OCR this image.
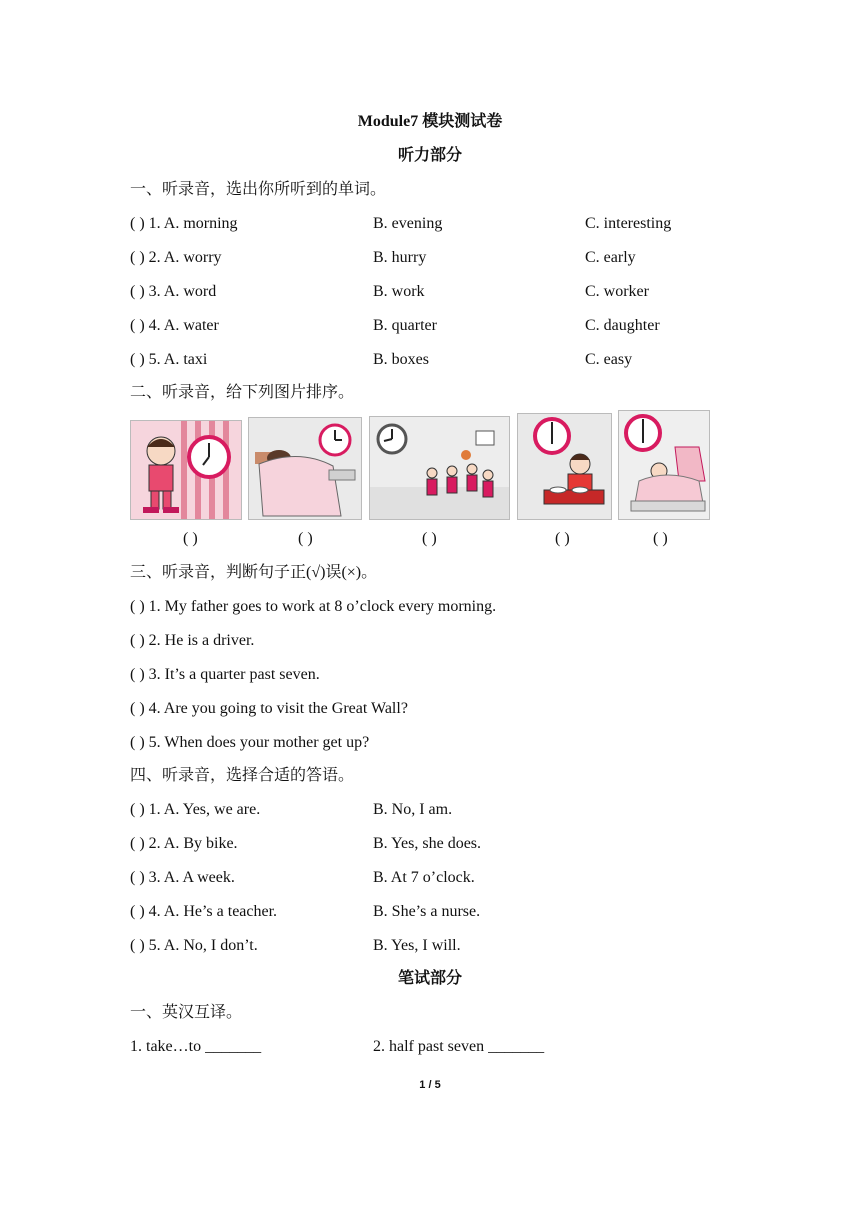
Module7 模块测试卷
听力部分
一、听录音，选出你所听到的单词。
( ) 1. A. morning	B. evening	C. interesting
( ) 2. A. worry	B. hurry	C. early
( ) 3. A. word	B. work	C. worker
( ) 4. A. water	B. quarter	C. daughter
( ) 5. A. taxi	B. boxes	C. easy
二、听录音，给下列图片排序。
( )	( )	( )	( )	( )
三、听录音，判断句子正(√)误(×)。
( ) 1. My father goes to work at 8 o’clock every morning.
( ) 2. He is a driver.
( ) 3. It’s a quarter past seven.
( ) 4. Are you going to visit the Great Wall?
( ) 5. When does your mother get up?
四、听录音，选择合适的答语。
( ) 1. A. Yes, we are.	B. No, I am.
( ) 2. A. By bike.	B. Yes, she does.
( ) 3. A. A week.	B. At 7 o’clock.
( ) 4. A. He’s a teacher.	B. She’s a nurse.
( ) 5. A. No, I don’t.	B. Yes, I will.
笔试部分
一、英汉互译。
1. take…to _______	2. half past seven _______
1 / 5
